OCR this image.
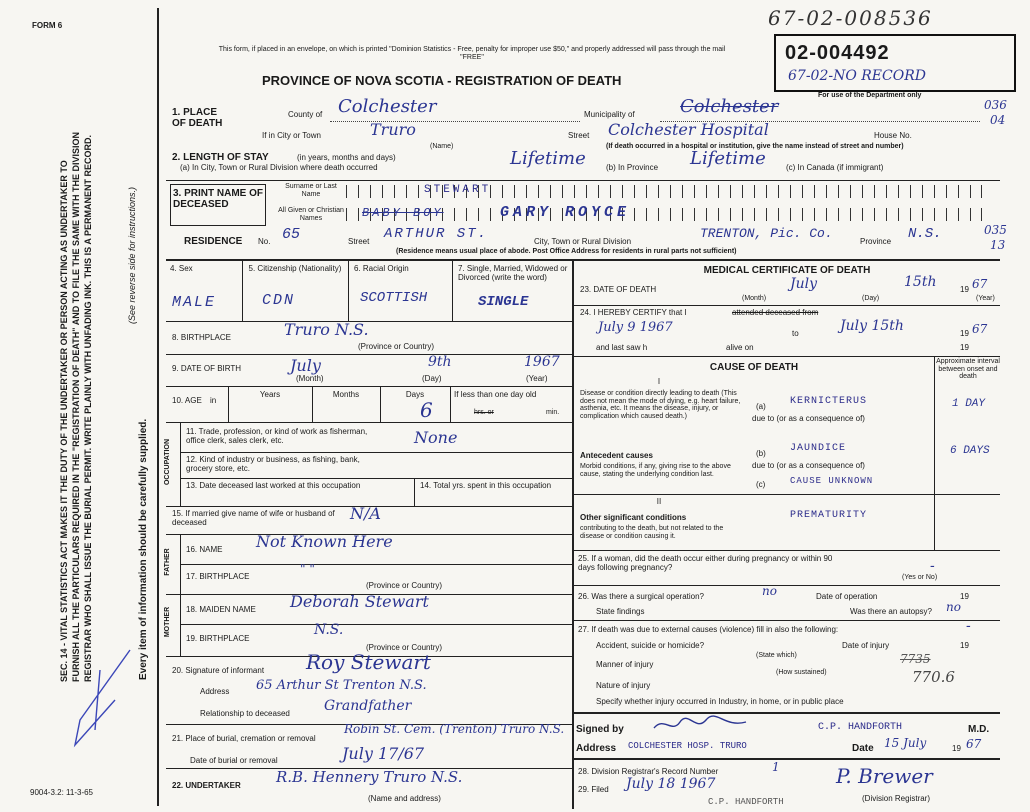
FORM 6
This form, if placed in an envelope, on which is printed "Dominion Statistics - Free, penalty for improper use $50," and properly addressed will pass through the mail "FREE"
PROVINCE OF NOVA SCOTIA - REGISTRATION OF DEATH
02-004492
67-02-NO RECORD
For use of the Department only
67-02-008536
036
04
035
13
SEC. 14 - VITAL STATISTICS ACT MAKES IT THE DUTY OF THE UNDERTAKER OR PERSON ACTING AS UNDERTAKER TO FURNISH ALL THE PARTICULARS REQUIRED IN THE "REGISTRATION OF DEATH" AND TO FILE THE SAME WITH THE DIVISION REGISTRAR WHO SHALL ISSUE THE BURIAL PERMIT. WRITE PLAINLY WITH UNFADING INK. THIS IS A PERMANENT RECORD.	(See reverse side for instructions.)
Every item of information should be carefully supplied.
9004-3.2: 11-3-65
1. PLACE OF DEATH
County of Colchester	Municipality of	Colchester
If in City or Town	Truro
(Name)
Street Colchester Hospital	House No.
(If death occurred in a hospital or institution, give the name instead of street and number)
2. LENGTH OF STAY	(in years, months and days)
(a) In City, Town or Rural Division where death occurred	Lifetime	(b) In Province Lifetime	(c) In Canada (if immigrant)
3. PRINT NAME OF DECEASED
Surname or Last Name
All Given or Christian Names
STEWART
BABY BOY	GARY ROYCE
RESIDENCE No. 65	Street ARTHUR ST.	City, Town or Rural Division
TRENTON, Pic. Co.
Province N.S.
(Residence means usual place of abode. Post Office Address for residents in rural parts not sufficient)
4. Sex	5. Citizenship (Nationality)	6. Racial Origin	7. Single, Married, Widowed or Divorced (write the word)
MALE	CDN	SCOTTISH	SINGLE
8. BIRTHPLACE	Truro N.S.
(Province or Country)
9. DATE OF BIRTH	July	9th	1967
(Month)	(Day)	(Year)
10. AGE in
Years	Months	Days
6
If less than one day old
hrs. or	min.
OCCUPATION
11. Trade, profession, or kind of work as fisherman, office clerk, sales clerk, etc.	None
12. Kind of industry or business, as fishing, bank, grocery store, etc.
13. Date deceased last worked at this occupation	14. Total yrs. spent in this occupation
15. If married give name of wife or husband of deceased	N/A
FATHER 16. NAME Not Known Here
17. BIRTHPLACE
" "
(Province or Country)
MOTHER 18. MAIDEN NAME Deborah Stewart
19. BIRTHPLACE
N.S.
(Province or Country)
20. Signature of informant Roy Stewart
Address 65 Arthur St Trenton N.S.
Relationship to deceased Grandfather
21. Place of burial, cremation or removal
Robin St. Cem. (Trenton) Truro N.S.
Date of burial or removal	July 17/67
22. UNDERTAKER R.B. Hennery Truro N.S.
(Name and address)
MEDICAL CERTIFICATE OF DEATH
23. DATE OF DEATH	July	15th	19 67
(Month)	(Day)	(Year)
24. I HEREBY CERTIFY that I	attended deceased from
July 9 1967	to	July 15th	19 67
and last saw h	alive on	19
CAUSE OF DEATH
Approximate interval between onset and death
I
Disease or condition directly leading to death (This does not mean the mode of dying, e.g. heart failure, asthenia, etc. It means the disease, injury, or complication which caused death.)
(a) KERNICTERUS	1 DAY
due to (or as a consequence of)
Antecedent causes
Morbid conditions, if any, giving rise to the above cause, stating the underlying condition last.
(b) JAUNDICE	6 DAYS
due to (or as a consequence of)
(c)	CAUSE UNKNOWN
II
Other significant conditions
contributing to the death, but not related to the disease or condition causing it.
PREMATURITY
25. If a woman, did the death occur either during pregnancy or within 90 days following pregnancy?	-
(Yes or No)
26. Was there a surgical operation?	no	Date of operation	19
State findings	Was there an autopsy? no
27. If death was due to external causes (violence) fill in also the following:	-
Accident, suicide or homicide?
(State which)
Date of injury	19
7735
Manner of injury
(How sustained)	770.6
Nature of injury
Specify whether injury occurred in Industry, in home, or in public place
Signed by	C.P. HANDFORTH	M.D.
Address COLCHESTER HOSP. TRURO	Date 15 July	19 67
28. Division Registrar's Record Number	1
29. Filed July 18 1967	P. Brewer
(Division Registrar)
C.P. HANDFORTH
